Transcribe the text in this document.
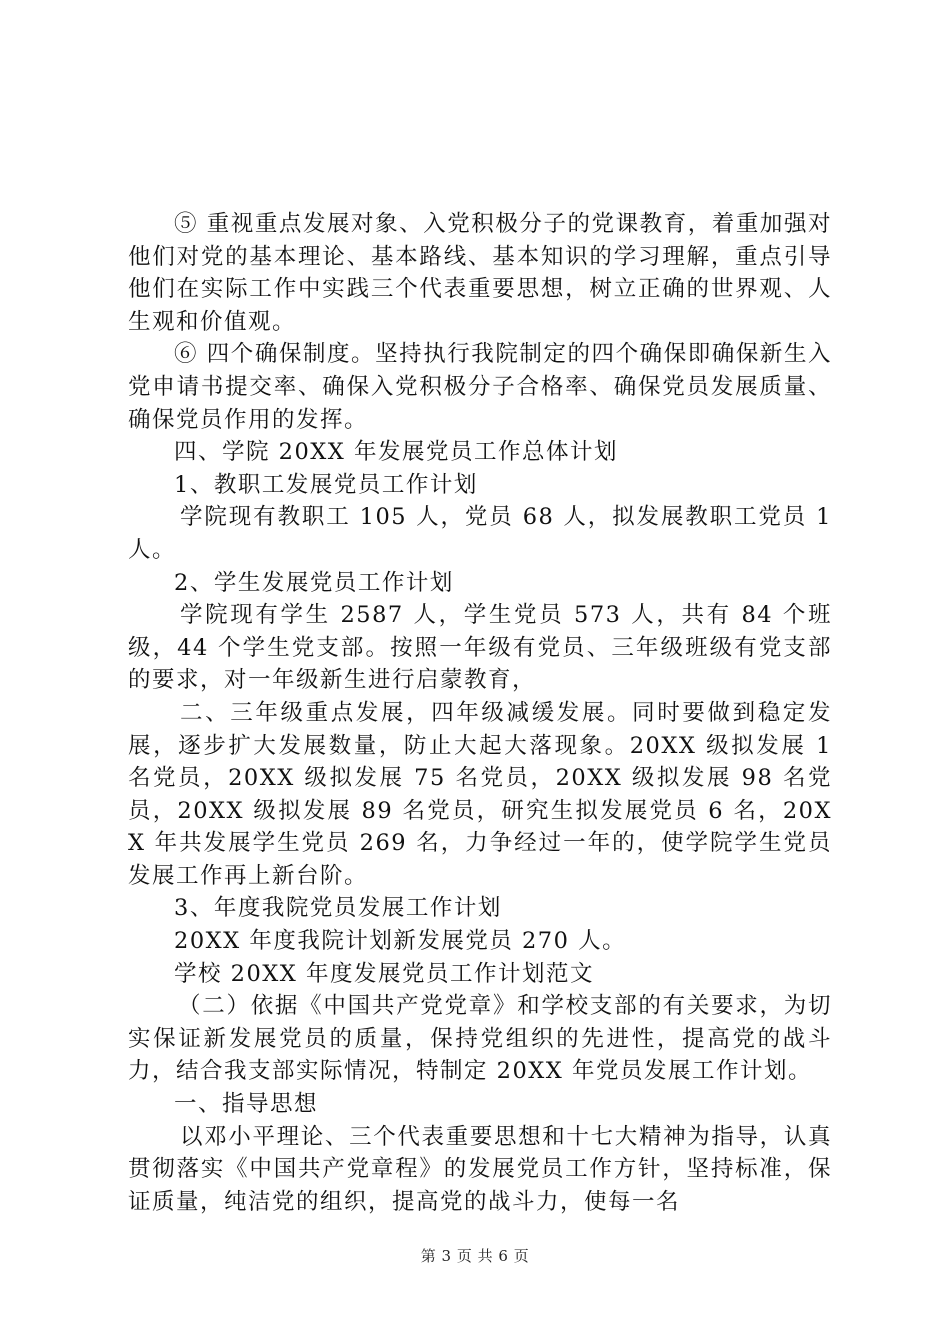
⑤ 重视重点发展对象、入党积极分子的党课教育，着重加强对他们对党的基本理论、基本路线、基本知识的学习理解，重点引导他们在实际工作中实践三个代表重要思想，树立正确的世界观、人生观和价值观。

⑥ 四个确保制度。坚持执行我院制定的四个确保即确保新生入党申请书提交率、确保入党积极分子合格率、确保党员发展质量、确保党员作用的发挥。

四、学院 20XX 年发展党员工作总体计划

1、教职工发展党员工作计划

学院现有教职工 105 人，党员 68 人，拟发展教职工党员 1 人。

2、学生发展党员工作计划

学院现有学生 2587 人，学生党员 573 人，共有 84 个班级，44 个学生党支部。按照一年级有党员、三年级班级有党支部的要求，对一年级新生进行启蒙教育，

二、三年级重点发展，四年级减缓发展。同时要做到稳定发展，逐步扩大发展数量，防止大起大落现象。20XX 级拟发展 1 名党员，20XX 级拟发展 75 名党员，20XX 级拟发展 98 名党员，20XX 级拟发展 89 名党员，研究生拟发展党员 6 名，20XX 年共发展学生党员 269 名，力争经过一年的，使学院学生党员发展工作再上新台阶。

3、年度我院党员发展工作计划

20XX 年度我院计划新发展党员 270 人。

学校 20XX 年度发展党员工作计划范文

（二）依据《中国共产党党章》和学校支部的有关要求，为切实保证新发展党员的质量，保持党组织的先进性，提高党的战斗力，结合我支部实际情况，特制定 20XX 年党员发展工作计划。

一、指导思想

以邓小平理论、三个代表重要思想和十七大精神为指导，认真贯彻落实《中国共产党章程》的发展党员工作方针，坚持标准，保证质量，纯洁党的组织，提高党的战斗力，使每一名

第 3 页 共 6 页
